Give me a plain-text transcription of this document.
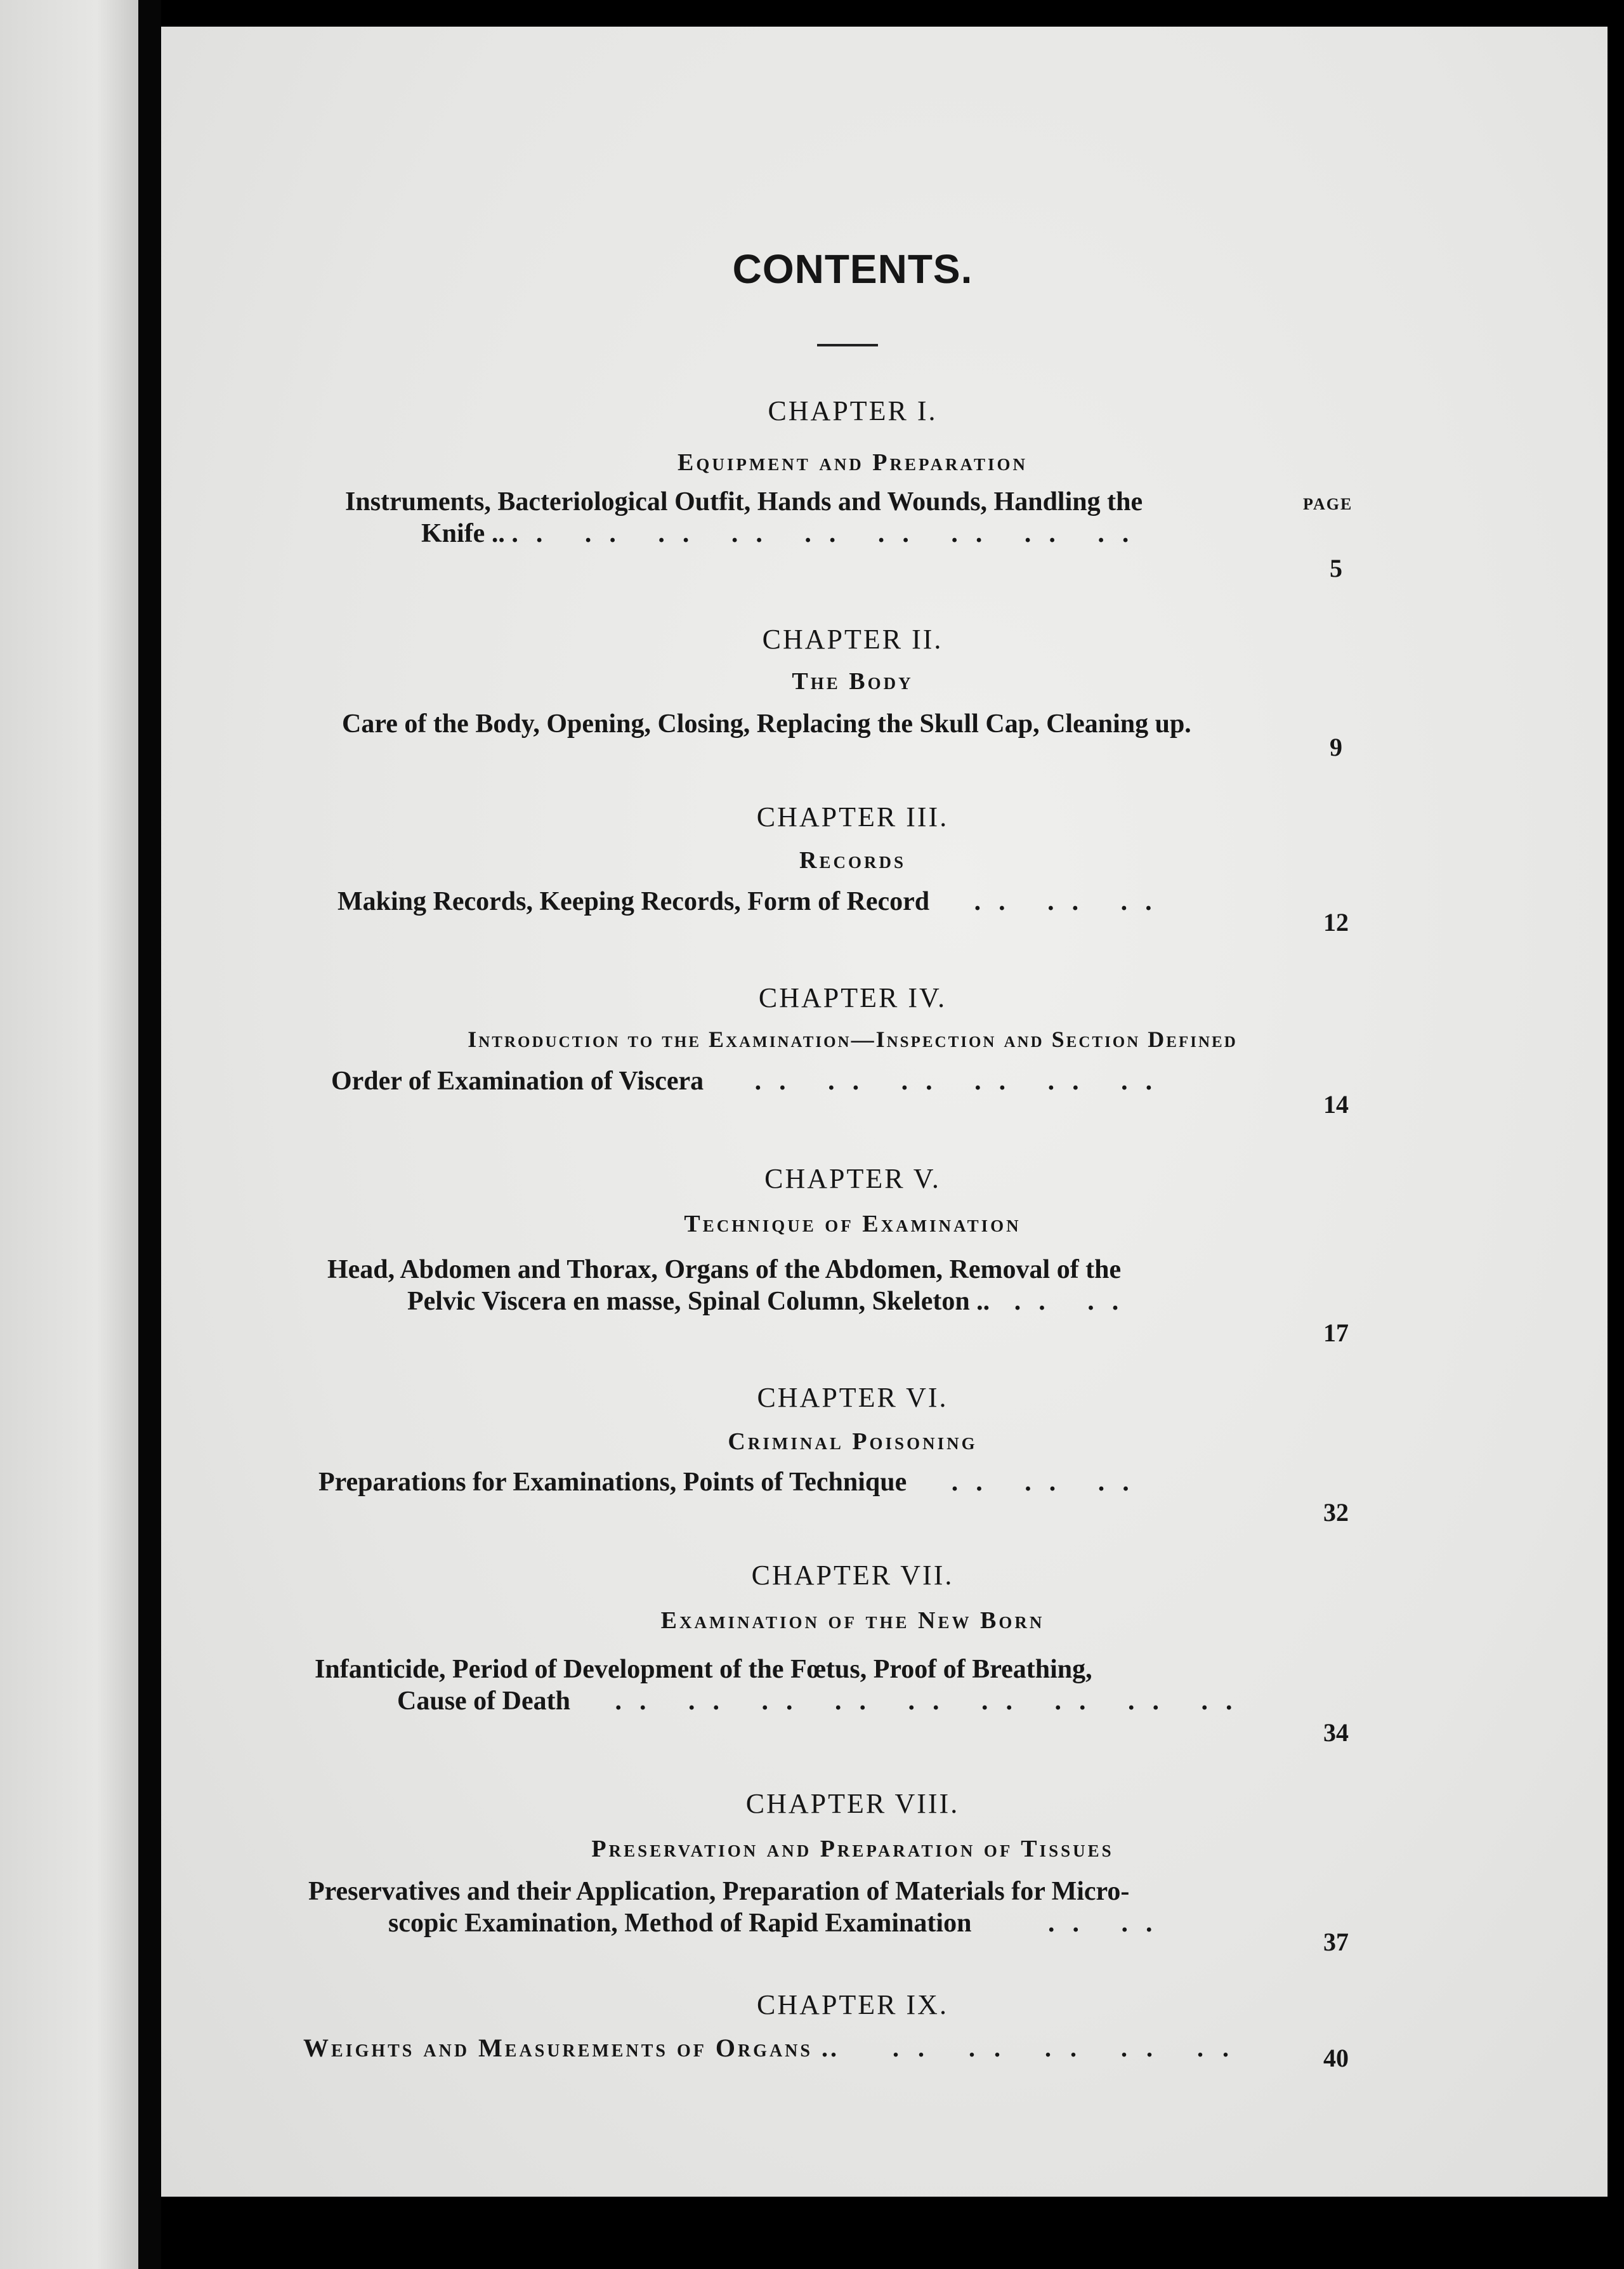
CONTENTS.
CHAPTER I.
Equipment and Preparation
PAGE
Instruments, Bacteriological Outfit, Hands and Wounds, Handling the
Knife .. .. .. .. .. .. .. .. .. ..
5
CHAPTER II.
The Body
Care of the Body, Opening, Closing, Replacing the Skull Cap, Cleaning up.
9
CHAPTER III.
Records
Making Records, Keeping Records, Form of Record .. .. ..
12
CHAPTER IV.
Introduction to the Examination—Inspection and Section Defined
Order of Examination of Viscera .. .. .. .. .. ..
14
CHAPTER V.
Technique of Examination
Head, Abdomen and Thorax, Organs of the Abdomen, Removal of the
Pelvic Viscera en masse, Spinal Column, Skeleton .. .. ..
17
CHAPTER VI.
Criminal Poisoning
Preparations for Examinations, Points of Technique .. .. ..
32
CHAPTER VII.
Examination of the New Born
Infanticide, Period of Development of the Fœtus, Proof of Breathing,
Cause of Death .. .. .. .. .. .. .. .. ..
34
CHAPTER VIII.
Preservation and Preparation of Tissues
Preservatives and their Application, Preparation of Materials for Micro-
scopic Examination, Method of Rapid Examination	.. ..
37
CHAPTER IX.
Weights and Measurements of Organs .. .. .. .. .. ..	40
